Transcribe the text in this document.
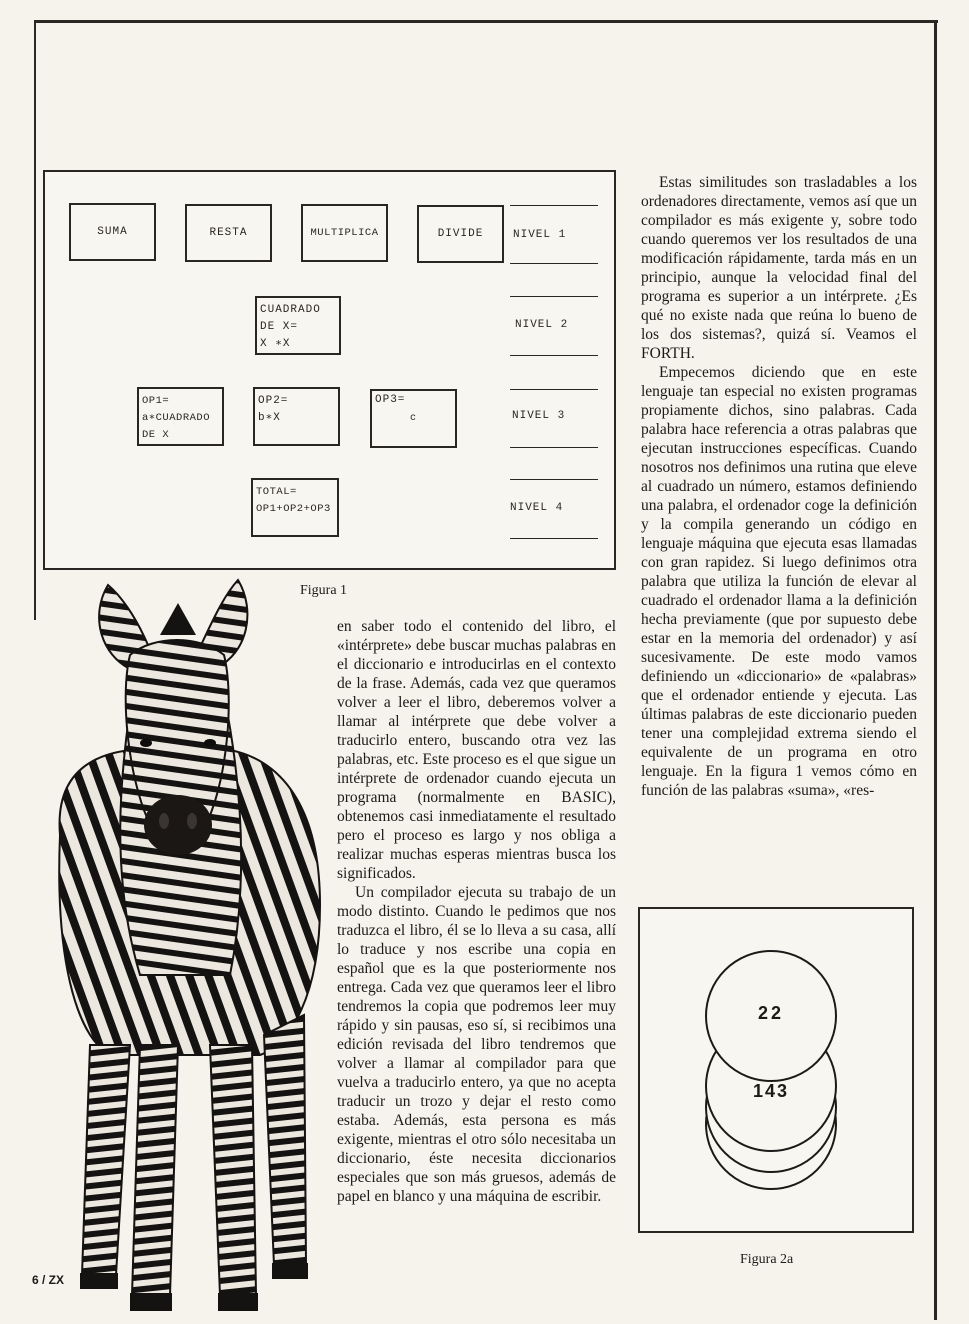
SUMA	RESTA	MULTIPLICA	DIVIDE
CUADRADO
DE X=
X ∗X
OP1=
a∗CUADRADO
DE X
OP2=
b∗X
OP3=
c
TOTAL=
OP1+OP2+OP3
NIVEL 1
NIVEL 2
NIVEL 3
NIVEL 4
Figura 1

en saber todo el contenido del libro, el «intérprete» debe buscar muchas palabras en el diccionario e introducirlas en el contexto de la frase. Además, cada vez que queramos volver a leer el libro, deberemos volver a llamar al intérprete que debe volver a traducirlo entero, buscando otra vez las palabras, etc. Este proceso es el que sigue un intérprete de ordenador cuando ejecuta un programa (normalmente en BASIC), obtenemos casi inmediatamente el resultado pero el proceso es largo y nos obliga a realizar muchas esperas mientras busca los significados.

Un compilador ejecuta su trabajo de un modo distinto. Cuando le pedimos que nos traduzca el libro, él se lo lleva a su casa, allí lo traduce y nos escribe una copia en español que es la que posteriormente nos entrega. Cada vez que queramos leer el libro tendremos la copia que podremos leer muy rápido y sin pausas, eso sí, si recibimos una edición revisada del libro tendremos que volver a llamar al compilador para que vuelva a traducirlo entero, ya que no acepta traducir un trozo y dejar el resto como estaba. Además, esta persona es más exigente, mientras el otro sólo necesitaba un diccionario, éste necesita diccionarios especiales que son más gruesos, además de papel en blanco y una máquina de escribir.

Estas similitudes son trasladables a los ordenadores directamente, vemos así que un compilador es más exigente y, sobre todo cuando queremos ver los resultados de una modificación rápidamente, tarda más en un principio, aunque la velocidad final del programa es superior a un intérprete. ¿Es qué no existe nada que reúna lo bueno de los dos sistemas?, quizá sí. Veamos el FORTH.

Empecemos diciendo que en este lenguaje tan especial no existen programas propiamente dichos, sino palabras. Cada palabra hace referencia a otras palabras que ejecutan instrucciones específicas. Cuando nosotros nos definimos una rutina que eleve al cuadrado un número, estamos definiendo una palabra, el ordenador coge la definición y la compila generando un código en lenguaje máquina que ejecuta esas llamadas con gran rapidez. Si luego definimos otra palabra que utiliza la función de elevar al cuadrado el ordenador llama a la definición hecha previamente (que por supuesto debe estar en la memoria del ordenador) y así sucesivamente. De este modo vamos definiendo un «diccionario» de «palabras» que el ordenador entiende y ejecuta. Las últimas palabras de este diccionario pueden tener una complejidad extrema siendo el equivalente de un programa en otro lenguaje. En la figura 1 vemos cómo en función de las palabras «suma», «res-

143
22
Figura 2a
6 / ZX
